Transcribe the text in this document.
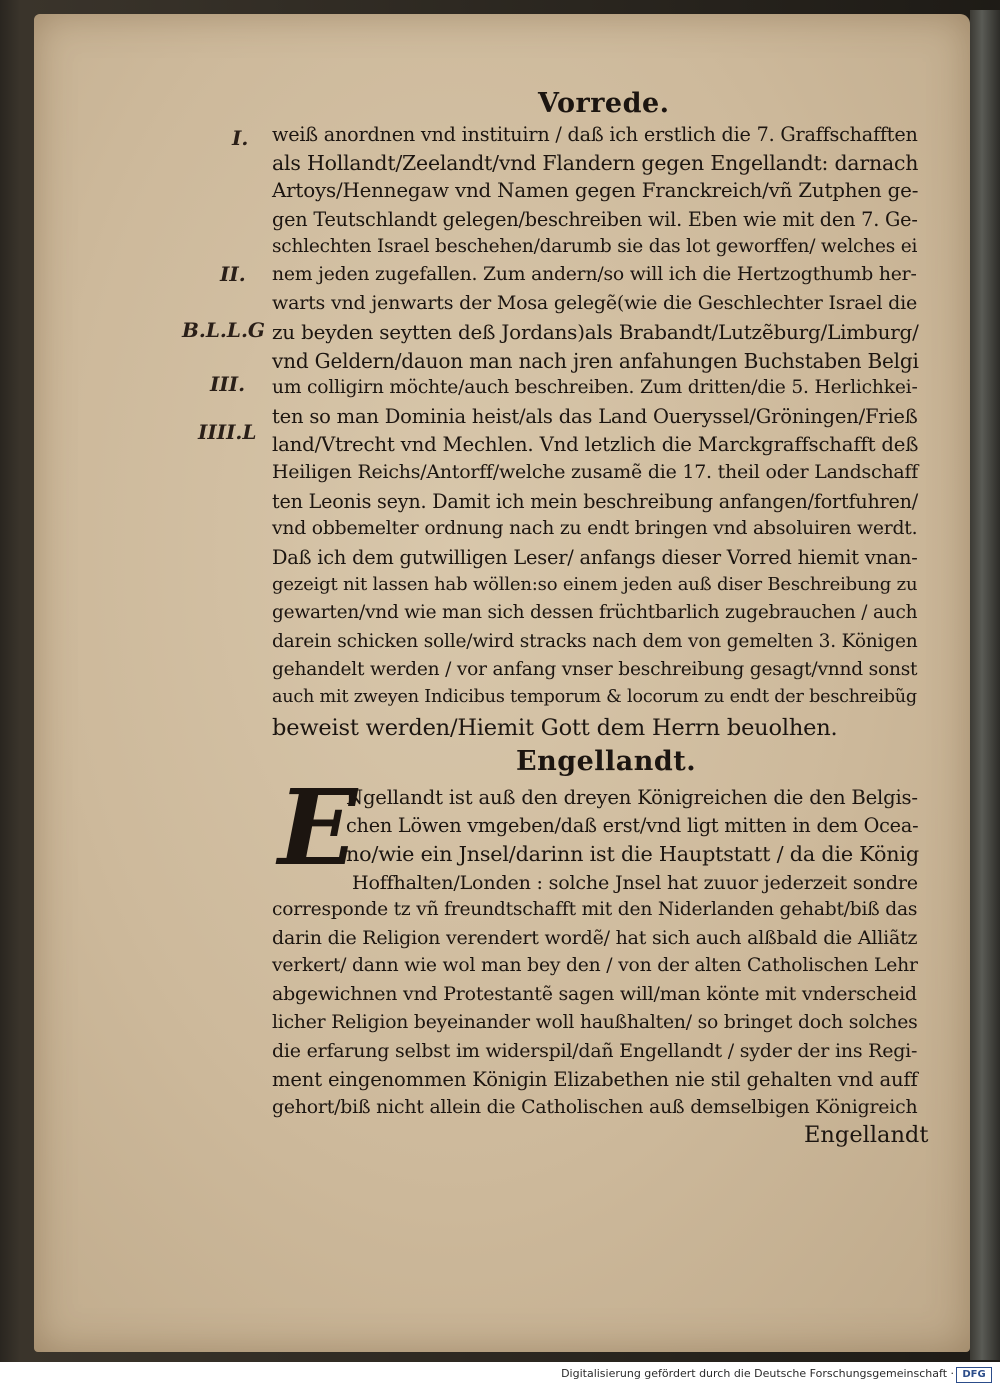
Vorrede.
I.
II.
B.L.L.G
III.
IIII.L
weiß anordnen vnd instituirn / daß ich erstlich die 7. Graffschafften
als Hollandt/Zeelandt/vnd Flandern gegen Engellandt: darnach
Artoys/Hennegaw vnd Namen gegen Franckreich/vñ Zutphen ge-
gen Teutschlandt gelegen/beschreiben wil. Eben wie mit den 7. Ge-
schlechten Israel beschehen/darumb sie das lot geworffen/ welches ei
nem jeden zugefallen. Zum andern/so will ich die Hertzogthumb her-
warts vnd jenwarts der Mosa gelegẽ(wie die Geschlechter Israel die
zu beyden seytten deß Jordans)als Brabandt/Lutzẽburg/Limburg/
vnd Geldern/dauon man nach jren anfahungen Buchstaben Belgi
um colligirn möchte/auch beschreiben. Zum dritten/die 5. Herlichkei-
ten so man Dominia heist/als das Land Oueryssel/Gröningen/Frieß
land/Vtrecht vnd Mechlen. Vnd letzlich die Marckgraffschafft deß
Heiligen Reichs/Antorff/welche zusamẽ die 17. theil oder Landschaff
ten Leonis seyn. Damit ich mein beschreibung anfangen/fortfuhren/
vnd obbemelter ordnung nach zu endt bringen vnd absoluiren werdt.
Daß ich dem gutwilligen Leser/ anfangs dieser Vorred hiemit vnan-
gezeigt nit lassen hab wöllen:so einem jeden auß diser Beschreibung zu
gewarten/vnd wie man sich dessen früchtbarlich zugebrauchen / auch
darein schicken solle/wird stracks nach dem von gemelten 3. Königen
gehandelt werden / vor anfang vnser beschreibung gesagt/vnnd sonst
auch mit zweyen Indicibus temporum & locorum zu endt der beschreibũg
beweist werden/Hiemit Gott dem Herrn beuolhen.
Engellandt.
E
Ngellandt ist auß den dreyen Königreichen die den Belgis-
chen Löwen vmgeben/daß erst/vnd ligt mitten in dem Ocea-
no/wie ein Jnsel/darinn ist die Hauptstatt / da die König
Hoffhalten/Londen : solche Jnsel hat zuuor jederzeit sondre
corresponde tz vñ freundtschafft mit den Niderlanden gehabt/biß das
darin die Religion verendert wordẽ/ hat sich auch alßbald die Alliãtz
verkert/ dann wie wol man bey den / von der alten Catholischen Lehr
abgewichnen vnd Protestantẽ sagen will/man könte mit vnderscheid
licher Religion beyeinander woll haußhalten/ so bringet doch solches
die erfarung selbst im widerspil/dañ Engellandt / syder der ins Regi-
ment eingenommen Königin Elizabethen nie stil gehalten vnd auff
gehort/biß nicht allein die Catholischen auß demselbigen Königreich
Engellandt
Digitalisierung gefördert durch die Deutsche Forschungsgemeinschaft · DFG
